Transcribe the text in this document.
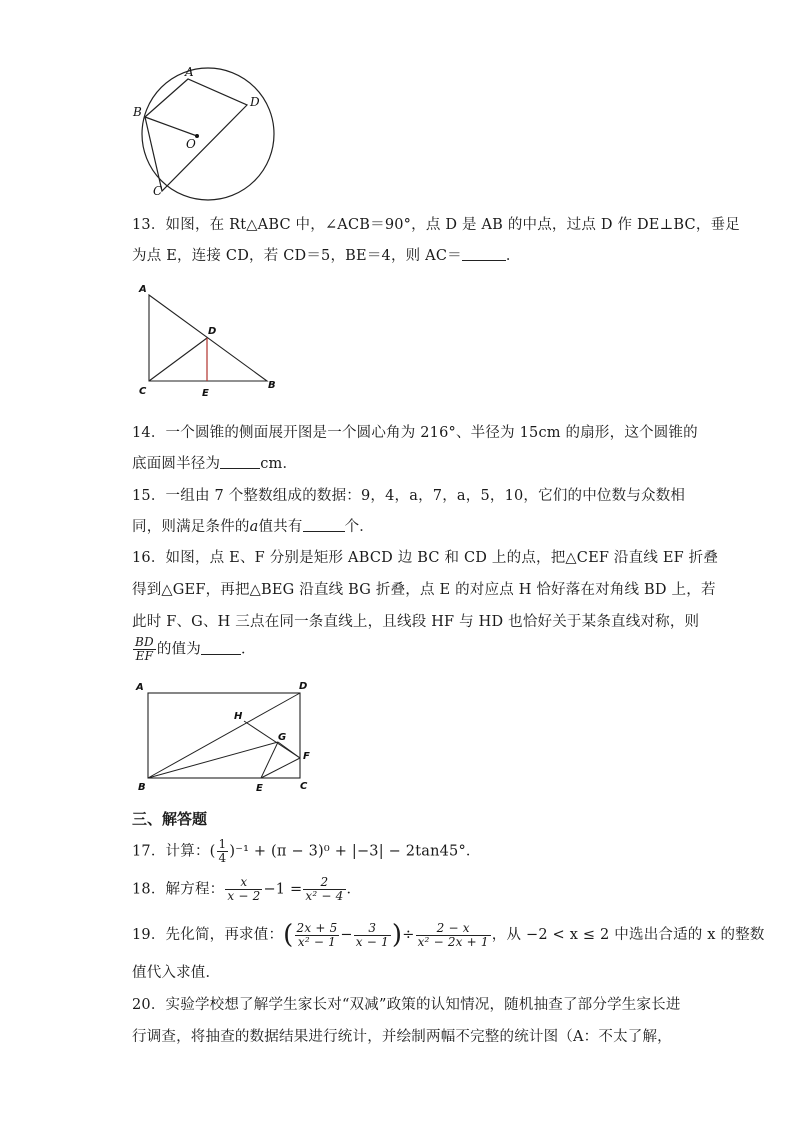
A
B
D
O
C
13．如图，在 Rt△ABC 中，∠ACB＝90°，点 D 是 AB 的中点，过点 D 作 DE⊥BC，垂足
为点 E，连接 CD，若 CD＝5，BE＝4，则 AC＝	．
A
D
C	E
B
14．一个圆锥的侧面展开图是一个圆心角为 216°、半径为 15cm 的扇形，这个圆锥的
底面圆半径为	cm．
15．一组由 7 个整数组成的数据：9，4，a，7，a，5，10，它们的中位数与众数相
同，则满足条件的a值共有	个．
16．如图，点 E、F 分别是矩形 ABCD 边 BC 和 CD 上的点，把△CEF 沿直线 EF 折叠
得到△GEF，再把△BEG 沿直线 BG 折叠，点 E 的对应点 H 恰好落在对角线 BD 上，若
此时 F、G、H 三点在同一条直线上，且线段 HF 与 HD 也恰好关于某条直线对称，则
$\frac{BD}{EF}$ 的值为	．
A	D
H
G
F
B	E	C
三、解答题
17．计算：( $\frac{1}{4} )^{-1} + (\pi - 3)^0 + |-3| - 2\tan 45^\circ$．
18．解方程： $\frac{x}{x - 2} -1 = \frac{2}{\text{x² − 4}}$ ．
19．先化简，再求值：( $\frac{2x + 5}{\text{x² − 1}} - \frac{3}{x - 1}$ )÷ $\frac{2 - x}{\text{x² − 2x + 1}}$ ，从 −2 < x ≤ 2 中选出合适的 x 的整数
值代入求值．
20．实验学校想了解学生家长对“双减”政策的认知情况，随机抽查了部分学生家长进
行调查，将抽查的数据结果进行统计，并绘制两幅不完整的统计图（A：不太了解，
